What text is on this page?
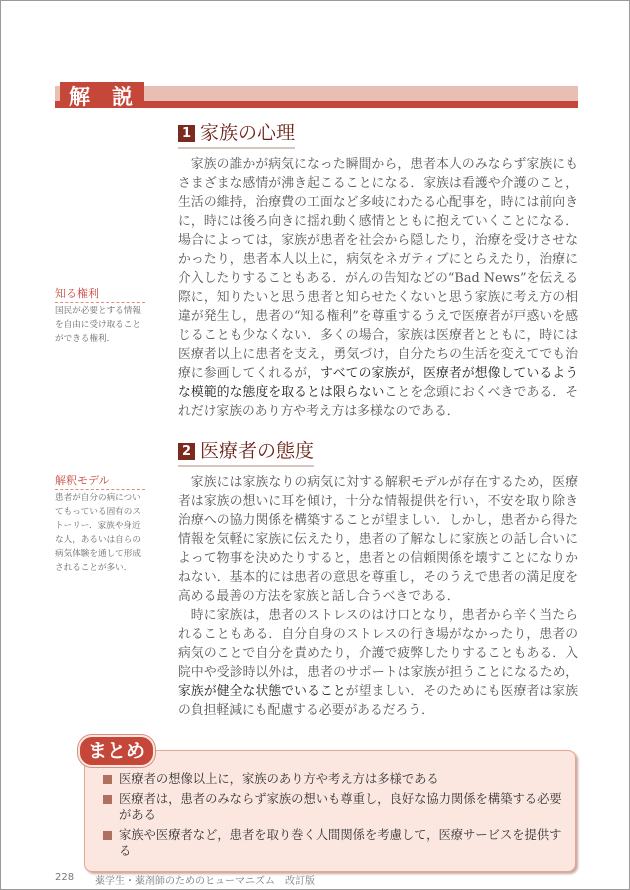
解 説
1 家族の心理

家族の誰かが病気になった瞬間から，患者本人のみならず家族にもさまざまな感情が沸き起こることになる．家族は看護や介護のこと，生活の維持，治療費の工面など多岐にわたる心配事を，時には前向きに，時には後ろ向きに揺れ動く感情とともに抱えていくことになる．場合によっては，家族が患者を社会から隠したり，治療を受けさせなかったり，患者本人以上に，病気をネガティブにとらえたり，治療に介入したりすることもある．がんの告知などの“Bad News”を伝える際に，知りたいと思う患者と知らせたくないと思う家族に考え方の相違が発生し，患者の“知る権利”を尊重するうえで医療者が戸惑いを感じることも少なくない．多くの場合，家族は医療者とともに，時には医療者以上に患者を支え，勇気づけ，自分たちの生活を変えてでも治療に参画してくれるが，すべての家族が，医療者が想像しているような模範的な態度を取るとは限らないことを念頭におくべきである．それだけ家族のあり方や考え方は多様なのである．

知る権利
国民が必要とする情報を自由に受け取ることができる権利．
2 医療者の態度

家族には家族なりの病気に対する解釈モデルが存在するため，医療者は家族の想いに耳を傾け，十分な情報提供を行い，不安を取り除き治療への協力関係を構築することが望ましい．しかし，患者から得た情報を気軽に家族に伝えたり，患者の了解なしに家族との話し合いによって物事を決めたりすると，患者との信頼関係を壊すことになりかねない．基本的には患者の意思を尊重し，そのうえで患者の満足度を高める最善の方法を家族と話し合うべきである．

時に家族は，患者のストレスのはけ口となり，患者から辛く当たられることもある．自分自身のストレスの行き場がなかったり，患者の病気のことで自分を責めたり，介護で疲弊したりすることもある．入院中や受診時以外は，患者のサポートは家族が担うことになるため，家族が健全な状態でいることが望ましい．そのためにも医療者は家族の負担軽減にも配慮する必要があるだろう．

解釈モデル
患者が自分の病についてもっている固有のストーリー．家族や身近な人，あるいは自らの病気体験を通して形成されることが多い．
まとめ
医療者の想像以上に，家族のあり方や考え方は多様である
医療者は，患者のみならず家族の想いも尊重し，良好な協力関係を構築する必要がある
家族や医療者など，患者を取り巻く人間関係を考慮して，医療サービスを提供する
228	薬学生・薬剤師のためのヒューマニズム　改訂版
